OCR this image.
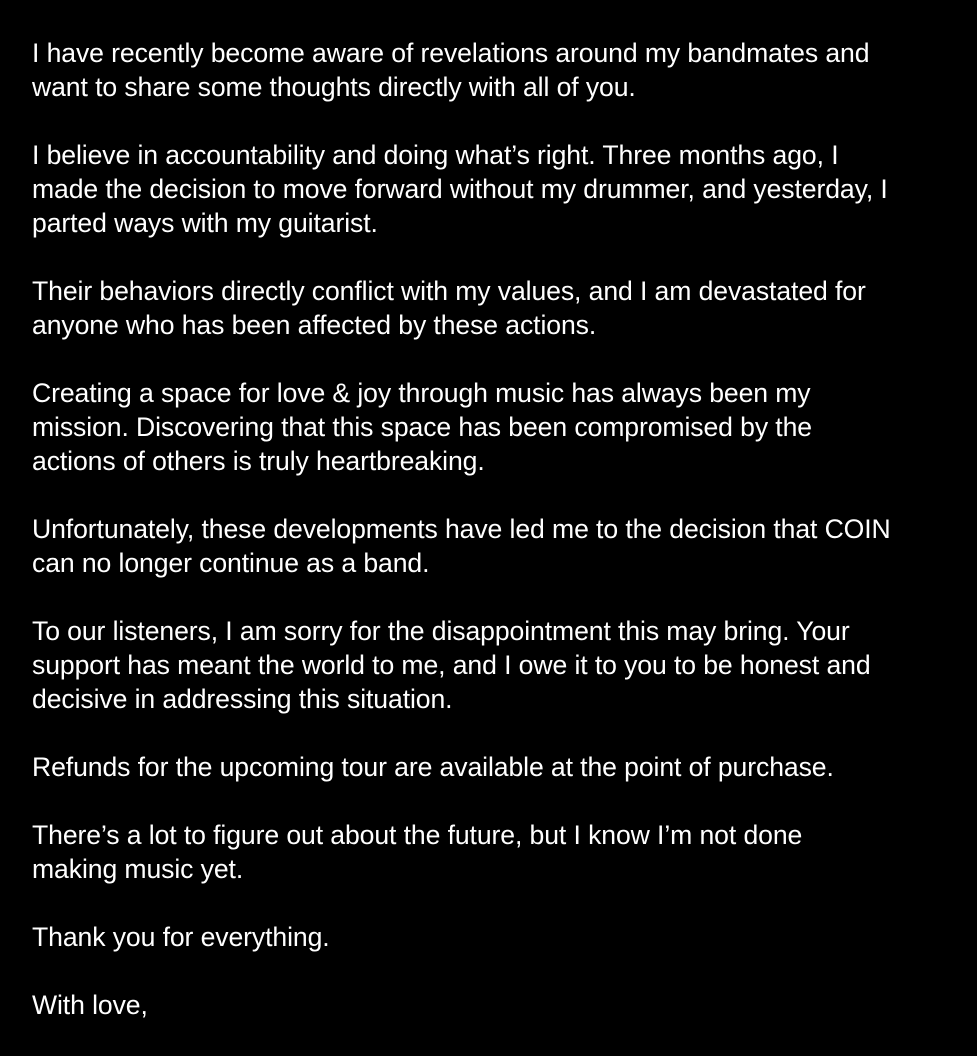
I have recently become aware of revelations around my bandmates and
want to share some thoughts directly with all of you.

I believe in accountability and doing what’s right. Three months ago, I
made the decision to move forward without my drummer, and yesterday, I
parted ways with my guitarist.

Their behaviors directly conflict with my values, and I am devastated for
anyone who has been affected by these actions.

Creating a space for love & joy through music has always been my
mission. Discovering that this space has been compromised by the
actions of others is truly heartbreaking.

Unfortunately, these developments have led me to the decision that COIN
can no longer continue as a band.

To our listeners, I am sorry for the disappointment this may bring. Your
support has meant the world to me, and I owe it to you to be honest and
decisive in addressing this situation.

Refunds for the upcoming tour are available at the point of purchase.

There’s a lot to figure out about the future, but I know I’m not done
making music yet.

Thank you for everything.

With love,
